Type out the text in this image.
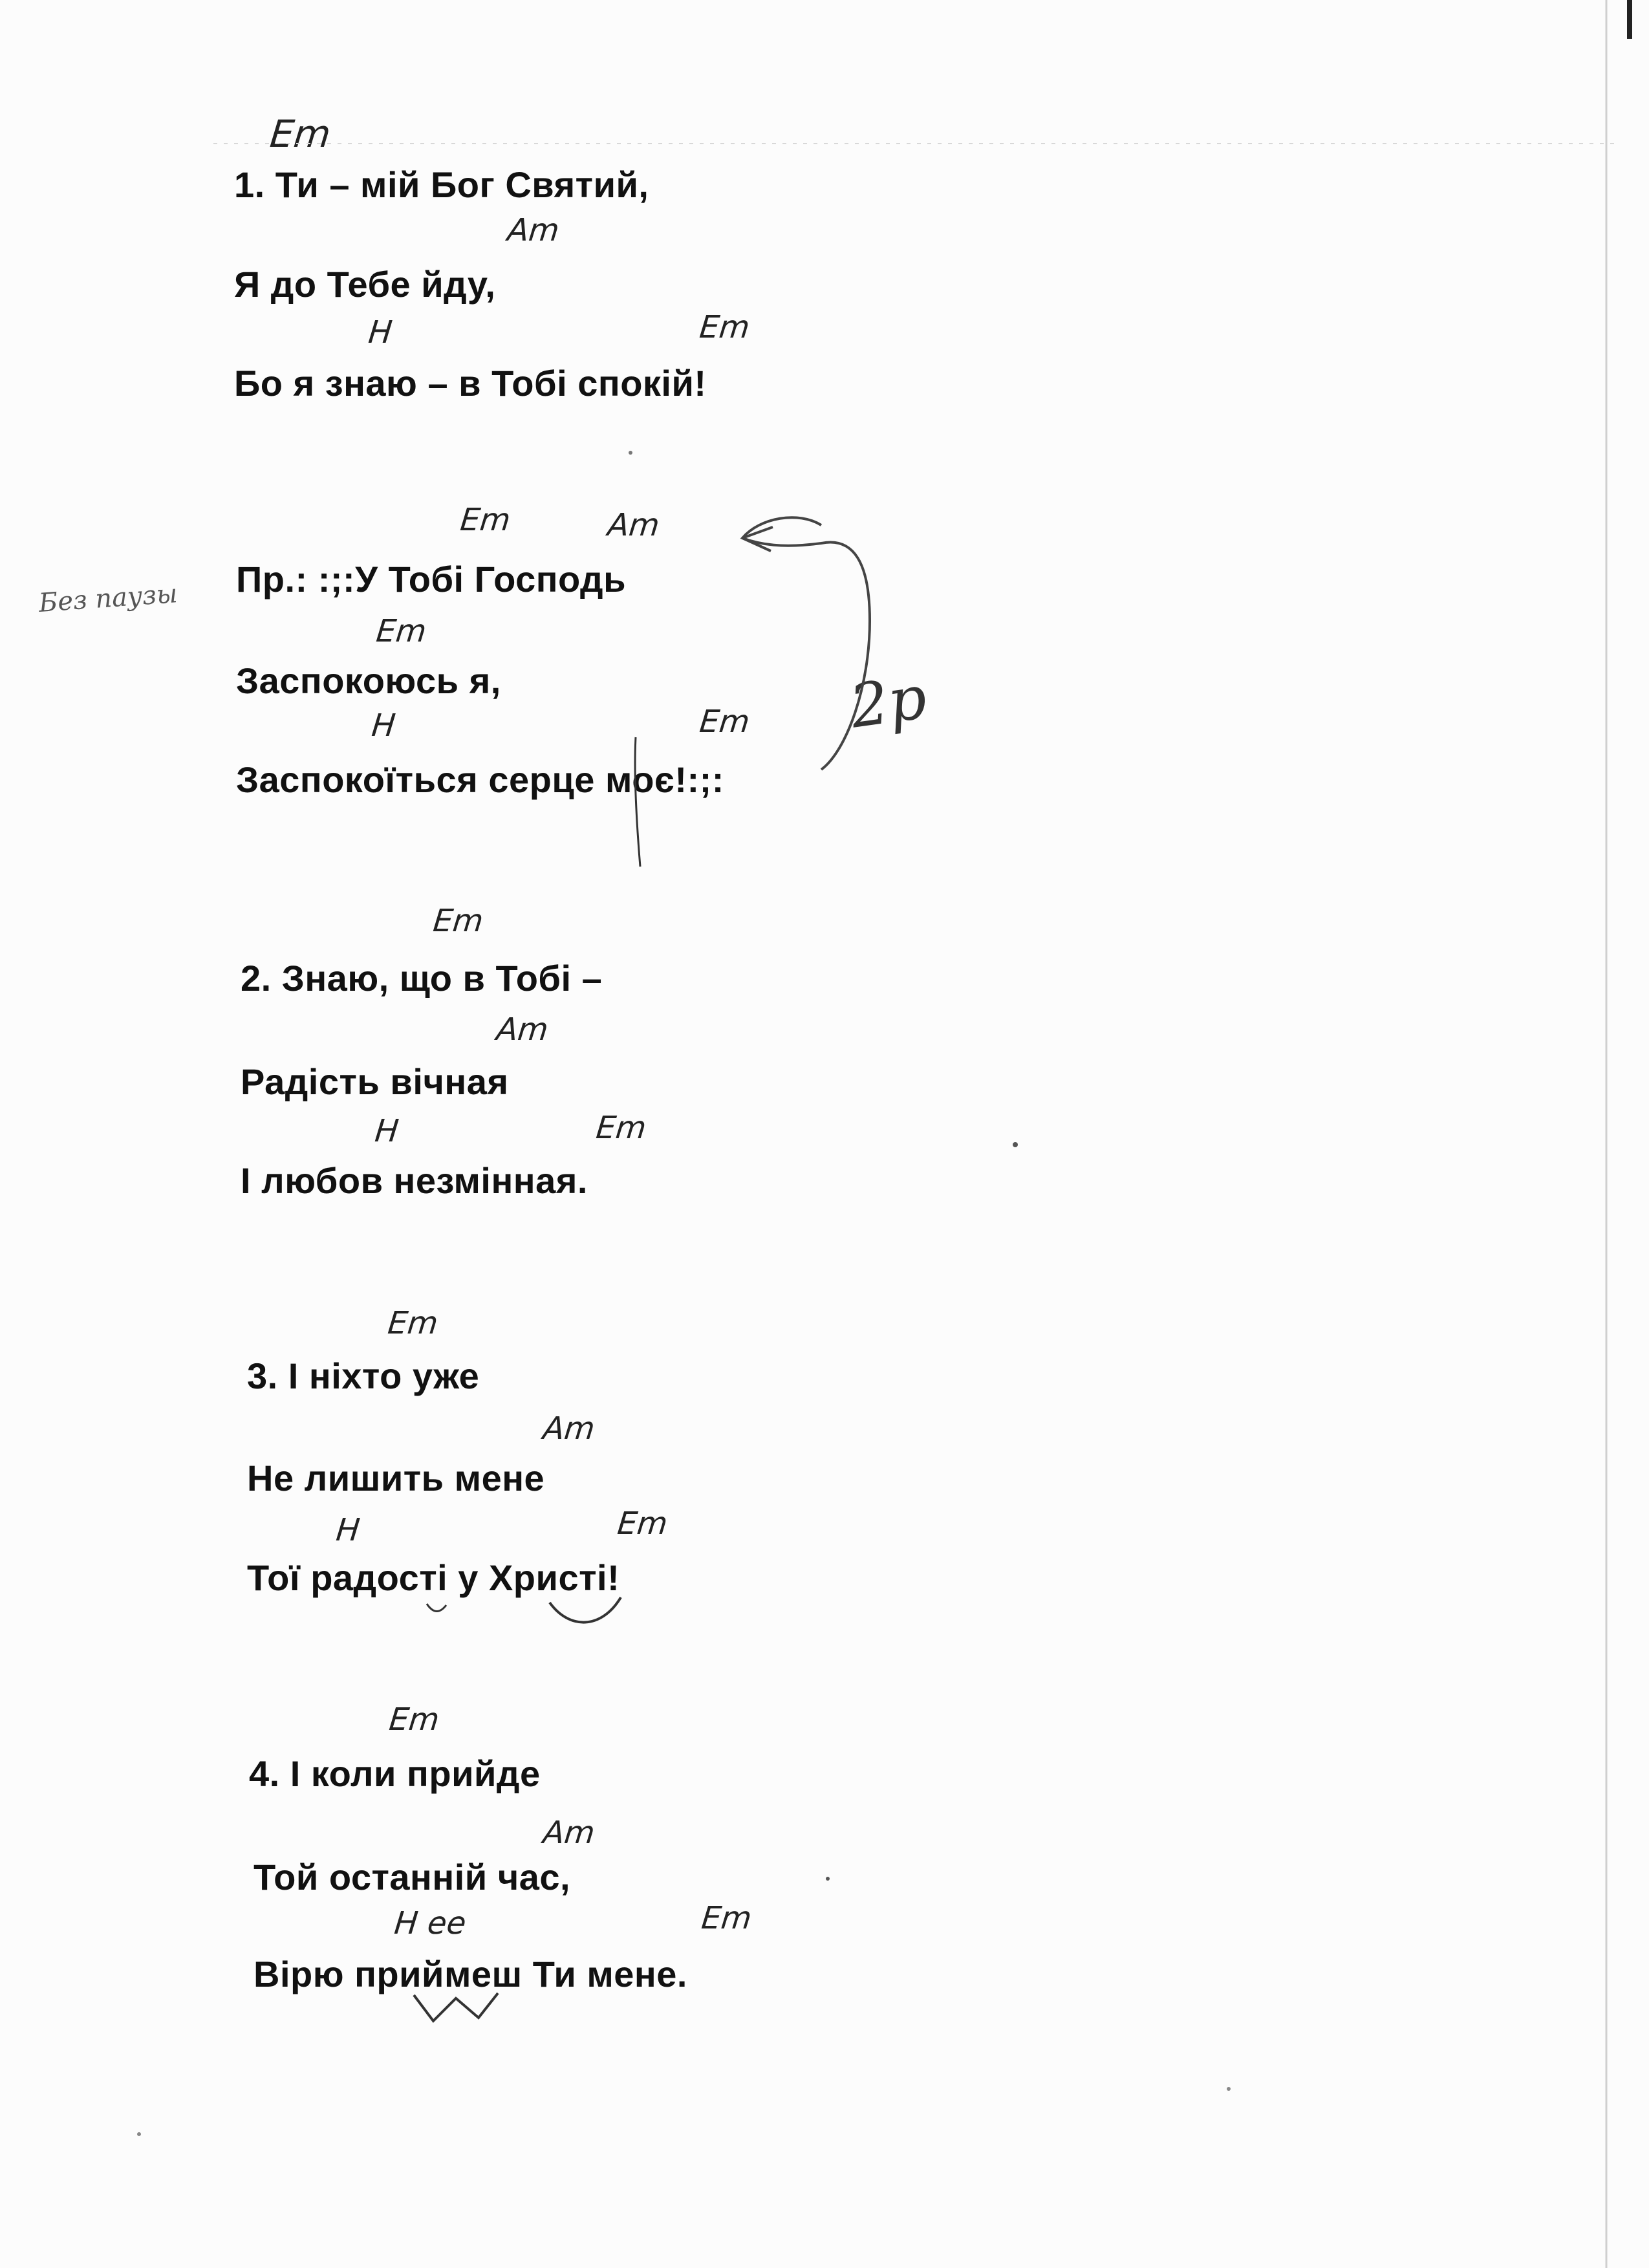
Em
1. Ти – мій Бог Святий,
Am
Я до Тебе йду,
H	Em
Бо я знаю – в Тобі спокій!
Без паузы
Em	Am
Пр.: :;:У Тобі Господь
Em
Заспокоюсь я,
H	Em
Заспокоїться серце моє!:;:
2р
Em
2. Знаю, що в Тобі –
Am
Радість вічная
H	Em
І любов незмінная.
Em
3. І ніхто уже
Am
Не лишить мене
H	Em
Тої радості у Христі!
Em
4. І коли прийде
Am
Той останній час,
Н ее	Em
Вірю приймеш Ти мене.
